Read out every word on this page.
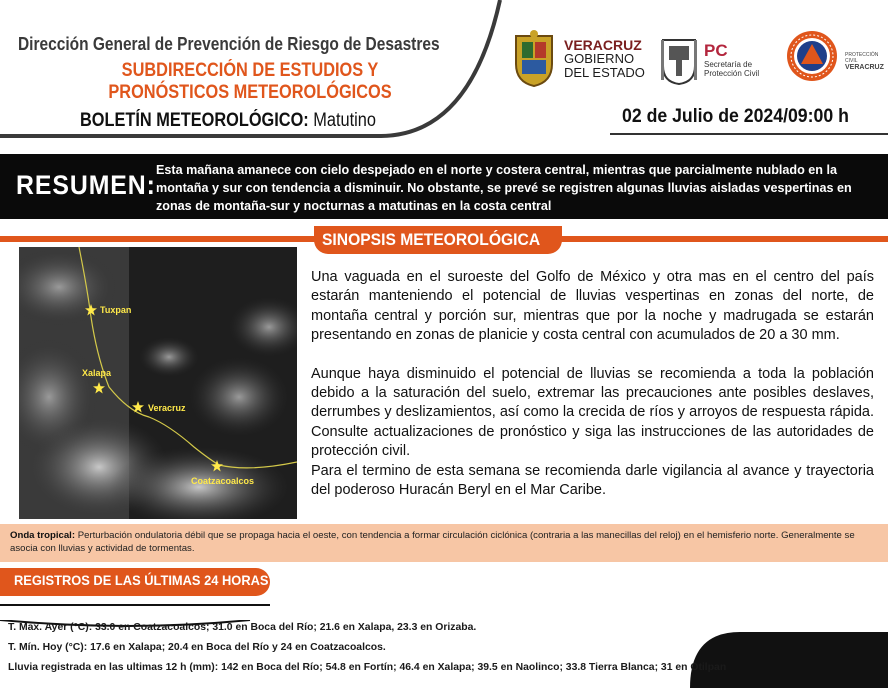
Dirección General de Prevención de Riesgo de Desastres
SUBDIRECCIÓN DE ESTUDIOS Y PRONÓSTICOS METEOROLÓGICOS
BOLETÍN METEOROLÓGICO: Matutino
VERACRUZ
GOBIERNO
DEL ESTADO
PC
Secretaría de
Protección Civil
PROTECCIÓN CIVIL
VERACRUZ
02 de Julio de 2024/09:00 h
RESUMEN: Esta mañana amanece con cielo despejado en el norte y costera central, mientras que parcialmente nublado en la montaña y sur con tendencia a disminuir. No obstante, se prevé se registren algunas lluvias aisladas vespertinas en zonas de montaña-sur y nocturnas a matutinas en la costa central
SINOPSIS METEOROLÓGICA
Tuxpan
Xalapa
Veracruz
Coatzacoalcos

Una vaguada en el suroeste del Golfo de México y otra mas en el centro del país estarán manteniendo el potencial de lluvias vespertinas en zonas del norte, de montaña central y porción sur, mientras que por la noche y madrugada se estarán presentando en zonas de planicie y costa central con acumulados de 20 a 30 mm.

Aunque haya disminuido el potencial de lluvias se recomienda a toda la población debido a la saturación del suelo, extremar las precauciones ante posibles deslaves, derrumbes y deslizamientos, así como la crecida de ríos y arroyos de respuesta rápida. Consulte actualizaciones de pronóstico y siga las instrucciones de las autoridades de protección civil.

Para el termino de esta semana se recomienda darle vigilancia al avance y trayectoria del poderoso Huracán Beryl en el Mar Caribe.

Onda tropical: Perturbación ondulatoria débil que se propaga hacia el oeste, con tendencia a formar circulación ciclónica (contraria a las manecillas del reloj) en el hemisferio norte. Generalmente se asocia con lluvias y actividad de tormentas.
REGISTROS DE LAS ÚLTIMAS 24 HORAS
T. Max. Ayer (°C): 33.0 en Coatzacoalcos; 31.0 en Boca del Río; 21.6 en Xalapa, 23.3 en Orizaba.
T. Mín. Hoy (°C): 17.6 en Xalapa; 20.4 en Boca del Río y 24 en Coatzacoalcos.
Lluvia registrada en las ultimas 12 h (mm): 142 en Boca del Río; 54.8 en Fortín; 46.4 en Xalapa; 39.5 en Naolinco; 33.8 Tierra Blanca; 31 en Otilpan
